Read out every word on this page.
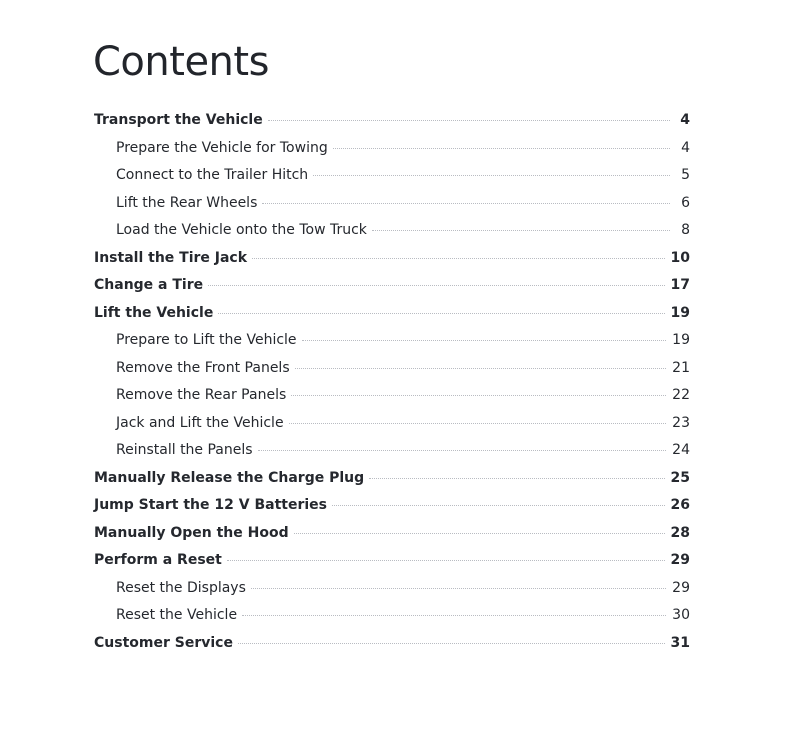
Contents
Transport the Vehicle	4
Prepare the Vehicle for Towing	4
Connect to the Trailer Hitch	5
Lift the Rear Wheels	6
Load the Vehicle onto the Tow Truck	8
Install the Tire Jack	10
Change a Tire	17
Lift the Vehicle	19
Prepare to Lift the Vehicle	19
Remove the Front Panels	21
Remove the Rear Panels	22
Jack and Lift the Vehicle	23
Reinstall the Panels	24
Manually Release the Charge Plug	25
Jump Start the 12 V Batteries	26
Manually Open the Hood	28
Perform a Reset	29
Reset the Displays	29
Reset the Vehicle	30
Customer Service	31
